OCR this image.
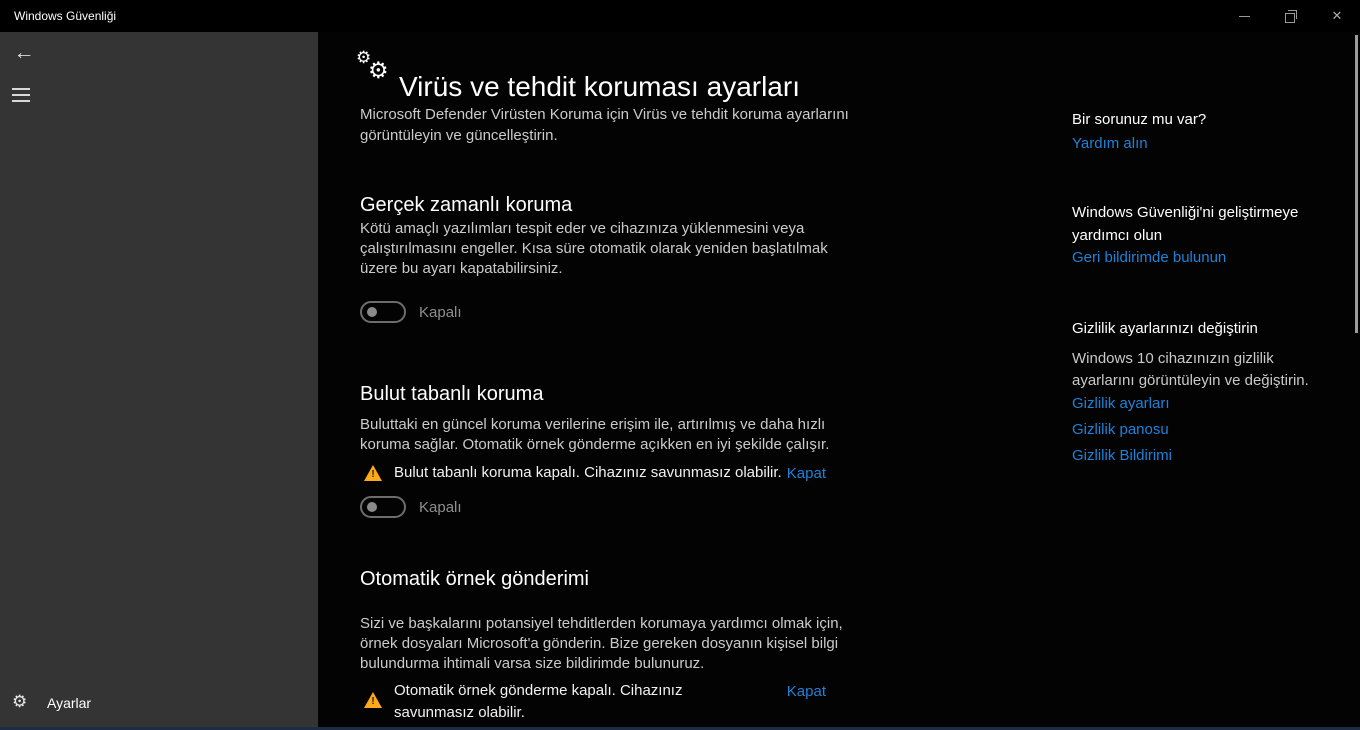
Windows Güvenliği	✕
←
⚙ Ayarlar
⚙
⚙ Virüs ve tehdit koruması ayarları
Microsoft Defender Virüsten Koruma için Virüs ve tehdit koruma ayarlarını görüntüleyin ve güncelleştirin.
Gerçek zamanlı koruma
Kötü amaçlı yazılımları tespit eder ve cihazınıza yüklenmesini veya çalıştırılmasını engeller. Kısa süre otomatik olarak yeniden başlatılmak üzere bu ayarı kapatabilirsiniz.
Kapalı
Bulut tabanlı koruma
Buluttaki en güncel koruma verilerine erişim ile, artırılmış ve daha hızlı koruma sağlar. Otomatik örnek gönderme açıkken en iyi şekilde çalışır.
! Bulut tabanlı koruma kapalı. Cihazınız savunmasız olabilir. Kapat
Kapalı
Otomatik örnek gönderimi
Sizi ve başkalarını potansiyel tehditlerden korumaya yardımcı olmak için, örnek dosyaları Microsoft'a gönderin. Bize gereken dosyanın kişisel bilgi bulundurma ihtimali varsa size bildirimde bulunuruz.
!
Otomatik örnek gönderme kapalı. Cihazınız savunmasız olabilir.
Kapat
Bir sorunuz mu var?
Yardım alın
Windows Güvenliği'ni geliştirmeye yardımcı olun
Geri bildirimde bulunun
Gizlilik ayarlarınızı değiştirin
Windows 10 cihazınızın gizlilik ayarlarını görüntüleyin ve değiştirin.
Gizlilik ayarları
Gizlilik panosu
Gizlilik Bildirimi
